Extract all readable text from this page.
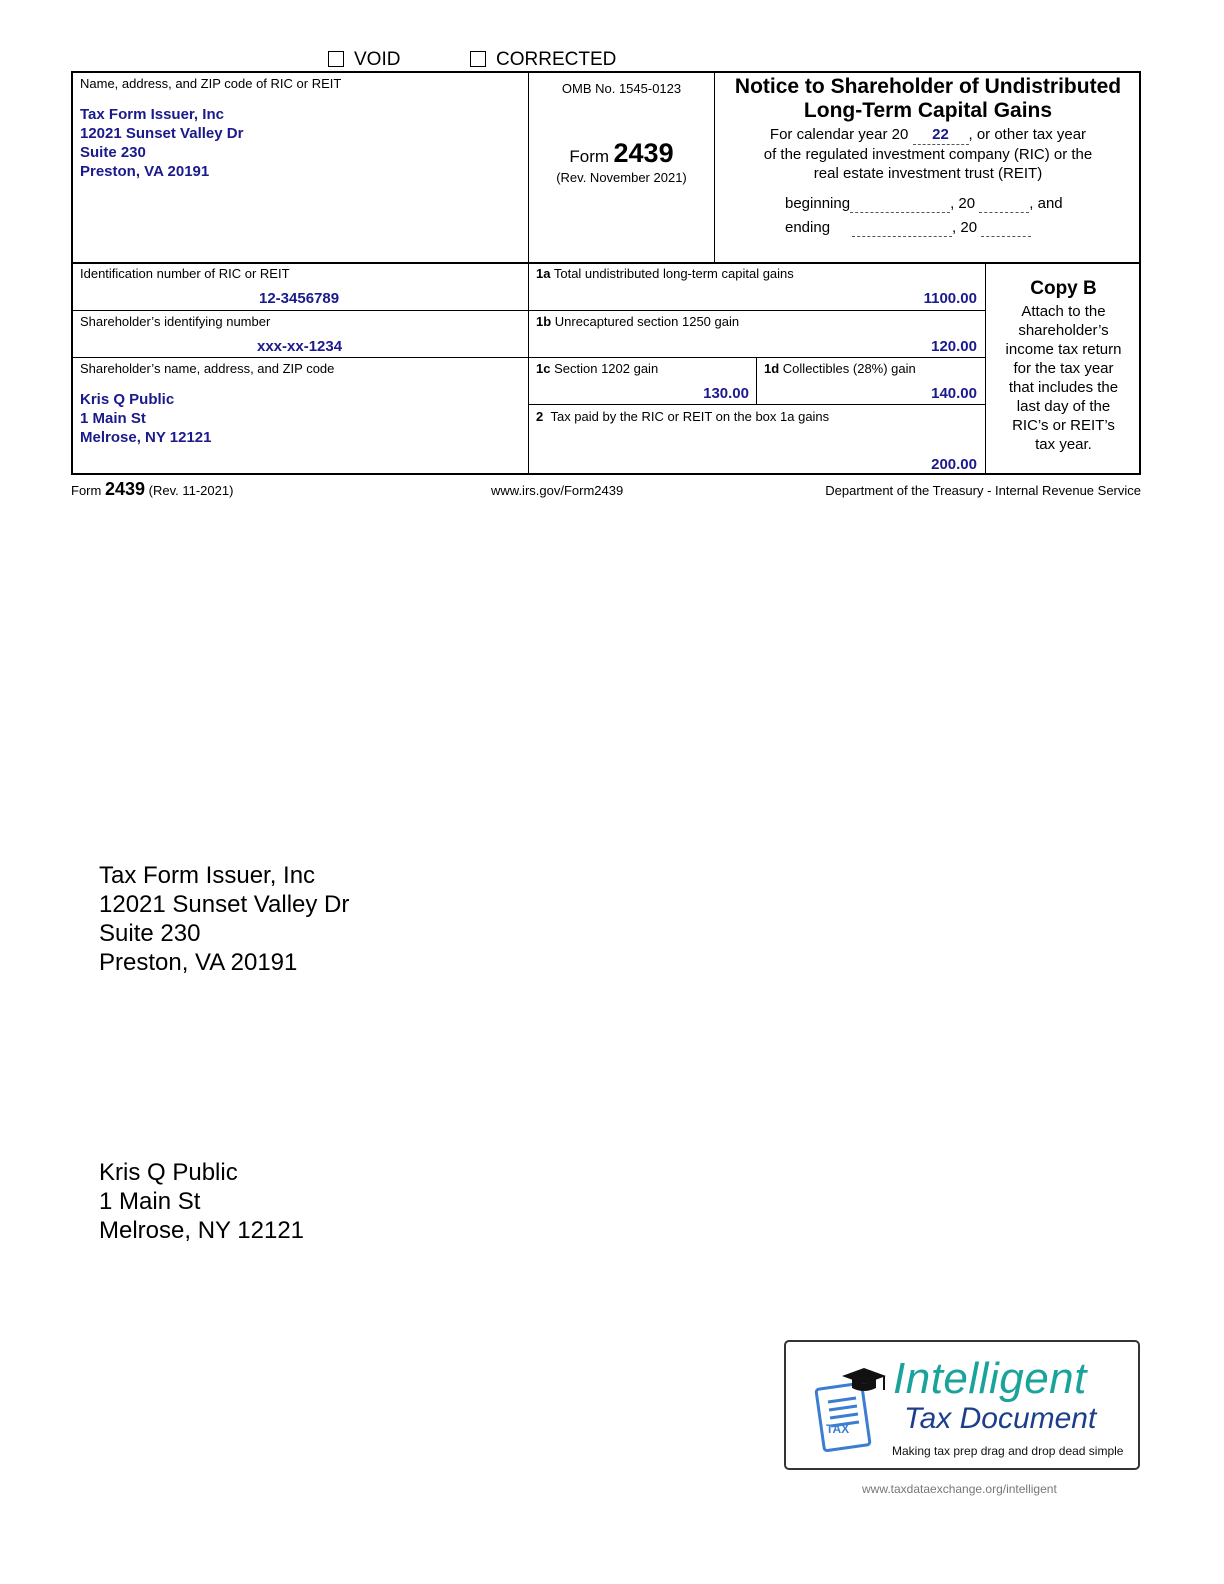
VOID	CORRECTED
Name, address, and ZIP code of RIC or REIT
Tax Form Issuer, Inc
12021 Sunset Valley Dr
Suite 230
Preston, VA 20191
OMB No. 1545-0123
Form 2439
(Rev. November 2021)
Notice to Shareholder of Undistributed
Long-Term Capital Gains
For calendar year 20 22 , or other tax year
of the regulated investment company (RIC) or the
real estate investment trust (REIT)
beginning	, 20	, and
ending	, 20
Identification number of RIC or REIT
12-3456789
Shareholder’s identifying number
xxx-xx-1234
Shareholder’s name, address, and ZIP code
Kris Q Public
1 Main St
Melrose, NY 12121
1a Total undistributed long-term capital gains
1100.00
1b Unrecaptured section 1250 gain
120.00
1c Section 1202 gain
130.00
1d Collectibles (28%) gain
140.00
2 Tax paid by the RIC or REIT on the box 1a gains
200.00
Copy B
Attach to the
shareholder’s
income tax return
for the tax year
that includes the
last day of the
RIC’s or REIT’s
tax year.
Form 2439 (Rev. 11-2021)	www.irs.gov/Form2439	Department of the Treasury - Internal Revenue Service
Tax Form Issuer, Inc
12021 Sunset Valley Dr
Suite 230
Preston, VA 20191
Kris Q Public
1 Main St
Melrose, NY 12121
TAX
Intelligent
Tax Document
Making tax prep drag and drop dead simple
www.taxdataexchange.org/intelligent
